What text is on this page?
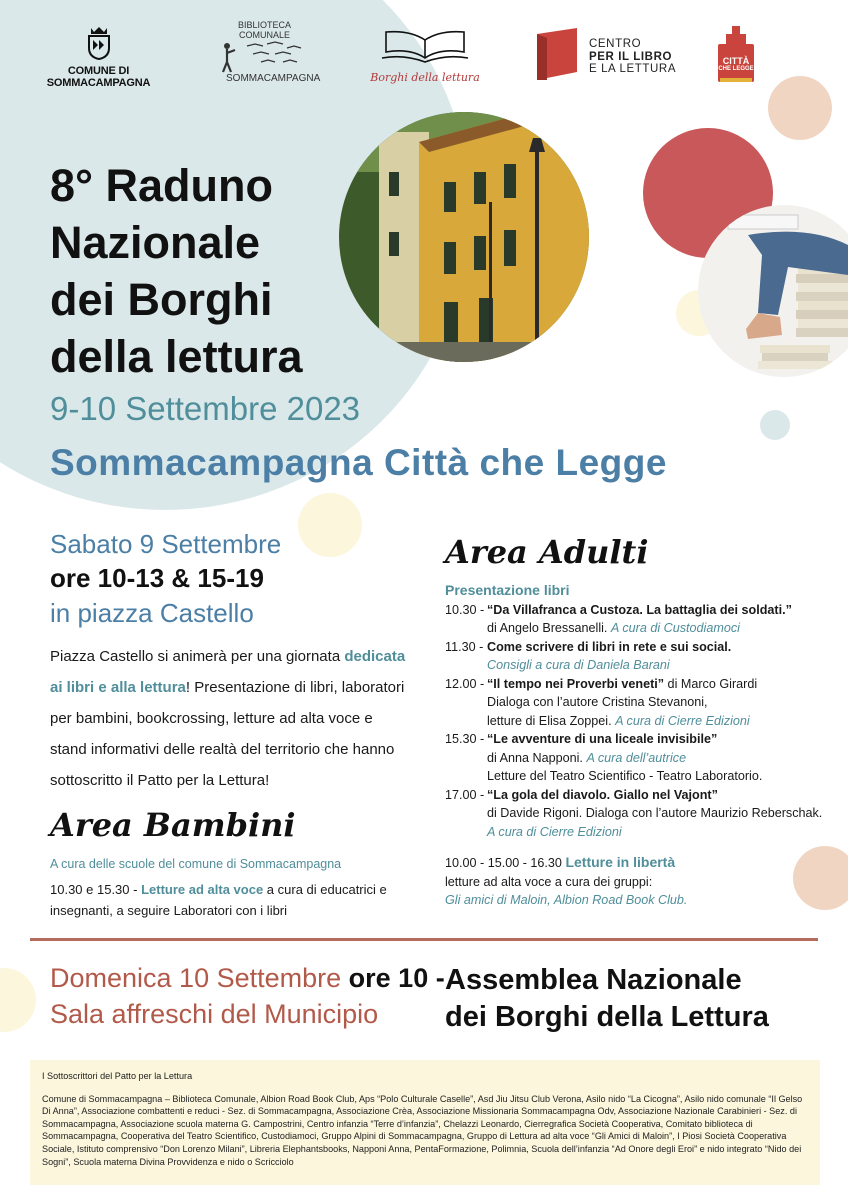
COMUNE DI SOMMACAMPAGNA
BIBLIOTECA COMUNALE
SOMMACAMPAGNA	Borghi della lettura
CENTRO
PER IL LIBRO
E LA LETTURA
CITTÀ
CHE LEGGE
8° Raduno
Nazionale
dei Borghi
della lettura
9-10 Settembre 2023
Sommacampagna Città che Legge
Sabato 9 Settembre
ore 10-13 & 15-19
in piazza Castello
Piazza Castello si animerà per una giornata dedicata ai libri e alla lettura! Presentazione di libri, laboratori per bambini, bookcrossing, letture ad alta voce e stand informativi delle realtà del territorio che hanno sottoscritto il Patto per la Lettura!
Area Bambini
A cura delle scuole del comune di Sommacampagna
10.30 e 15.30 - Letture ad alta voce a cura di educatrici e insegnanti, a seguire Laboratori con i libri
Area Adulti
Presentazione libri
10.30 - “Da Villafranca a Custoza. La battaglia dei soldati.”
di Angelo Bressanelli. A cura di Custodiamoci
11.30 - Come scrivere di libri in rete e sui social.
Consigli a cura di Daniela Barani
12.00 - “Il tempo nei Proverbi veneti” di Marco Girardi
Dialoga con l’autore Cristina Stevanoni,
letture di Elisa Zoppei. A cura di Cierre Edizioni
15.30 - “Le avventure di una liceale invisibile”
di Anna Napponi. A cura dell’autrice
Letture del Teatro Scientifico - Teatro Laboratorio.
17.00 - “La gola del diavolo. Giallo nel Vajont”
di Davide Rigoni. Dialoga con l’autore Maurizio Reberschak.
A cura di Cierre Edizioni
10.00 - 15.00 - 16.30 Letture in libertà
letture ad alta voce a cura dei gruppi:
Gli amici di Maloin, Albion Road Book Club.
Domenica 10 Settembre ore 10 -
Sala affreschi del Municipio
Assemblea Nazionale
dei Borghi della Lettura
I Sottoscrittori del Patto per la Lettura
Comune di Sommacampagna – Biblioteca Comunale, Albion Road Book Club, Aps “Polo Culturale Caselle”, Asd Jiu Jitsu Club Verona, Asilo nido “La Cicogna”, Asilo nido comunale “Il Gelso Di Anna”, Associazione combattenti e reduci - Sez. di Sommacampagna, Associazione Crèa, Associazione Missionaria Sommacampagna Odv, Associazione Nazionale Carabinieri - Sez. di Sommacampagna, Associazione scuola materna G. Campostrini, Centro infanzia “Terre d’infanzia”, Chelazzi Leonardo, Cierregrafica Società Cooperativa, Comitato biblioteca di Sommacampagna, Cooperativa del Teatro Scientifico, Custodiamoci, Gruppo Alpini di Sommacampagna, Gruppo di Lettura ad alta voce “Gli Amici di Maloin”, I Piosi Società Cooperativa Sociale, Istituto comprensivo “Don Lorenzo Milani”, Libreria Elephantsbooks, Napponi Anna, PentaFormazione, Polimnia, Scuola dell’infanzia “Ad Onore degli Eroi” e nido integrato “Nido dei Sogni”, Scuola materna Divina Provvidenza e nido o Scricciolo
